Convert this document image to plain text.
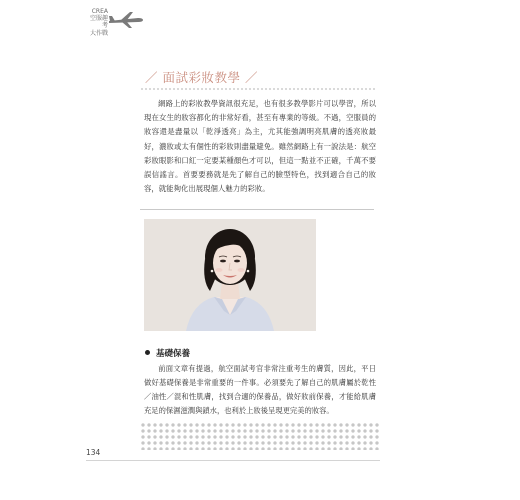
CREA
空服趣考
大作戰
／ 面試彩妝教學 ／

網路上的彩妝教學資訊很充足，也有很多教學影片可以學習，所以現在女生的妝容都化的非常好看，甚至有專業的等級。不過，空服員的妝容還是盡量以「乾淨透亮」為主，尤其能強調明亮肌膚的透亮妝最好，濃妝或太有個性的彩妝則盡量避免。雖然網路上有一說法是：航空彩妝眼影和口紅一定要某種顏色才可以，但這一點並不正確，千萬不要誤信謠言。首要要務就是先了解自己的臉型特色，找到適合自己的妝容，就能夠化出展現個人魅力的彩妝。

基礎保養

前面文章有提過，航空面試考官非常注重考生的膚質，因此，平日做好基礎保養是非常重要的一件事。必須要先了解自己的肌膚屬於乾性／油性／混和性肌膚，找到合適的保養品，做好妝前保養，才能給肌膚充足的保濕滋潤與鎖水，也利於上妝後呈現更完美的妝容。

134
